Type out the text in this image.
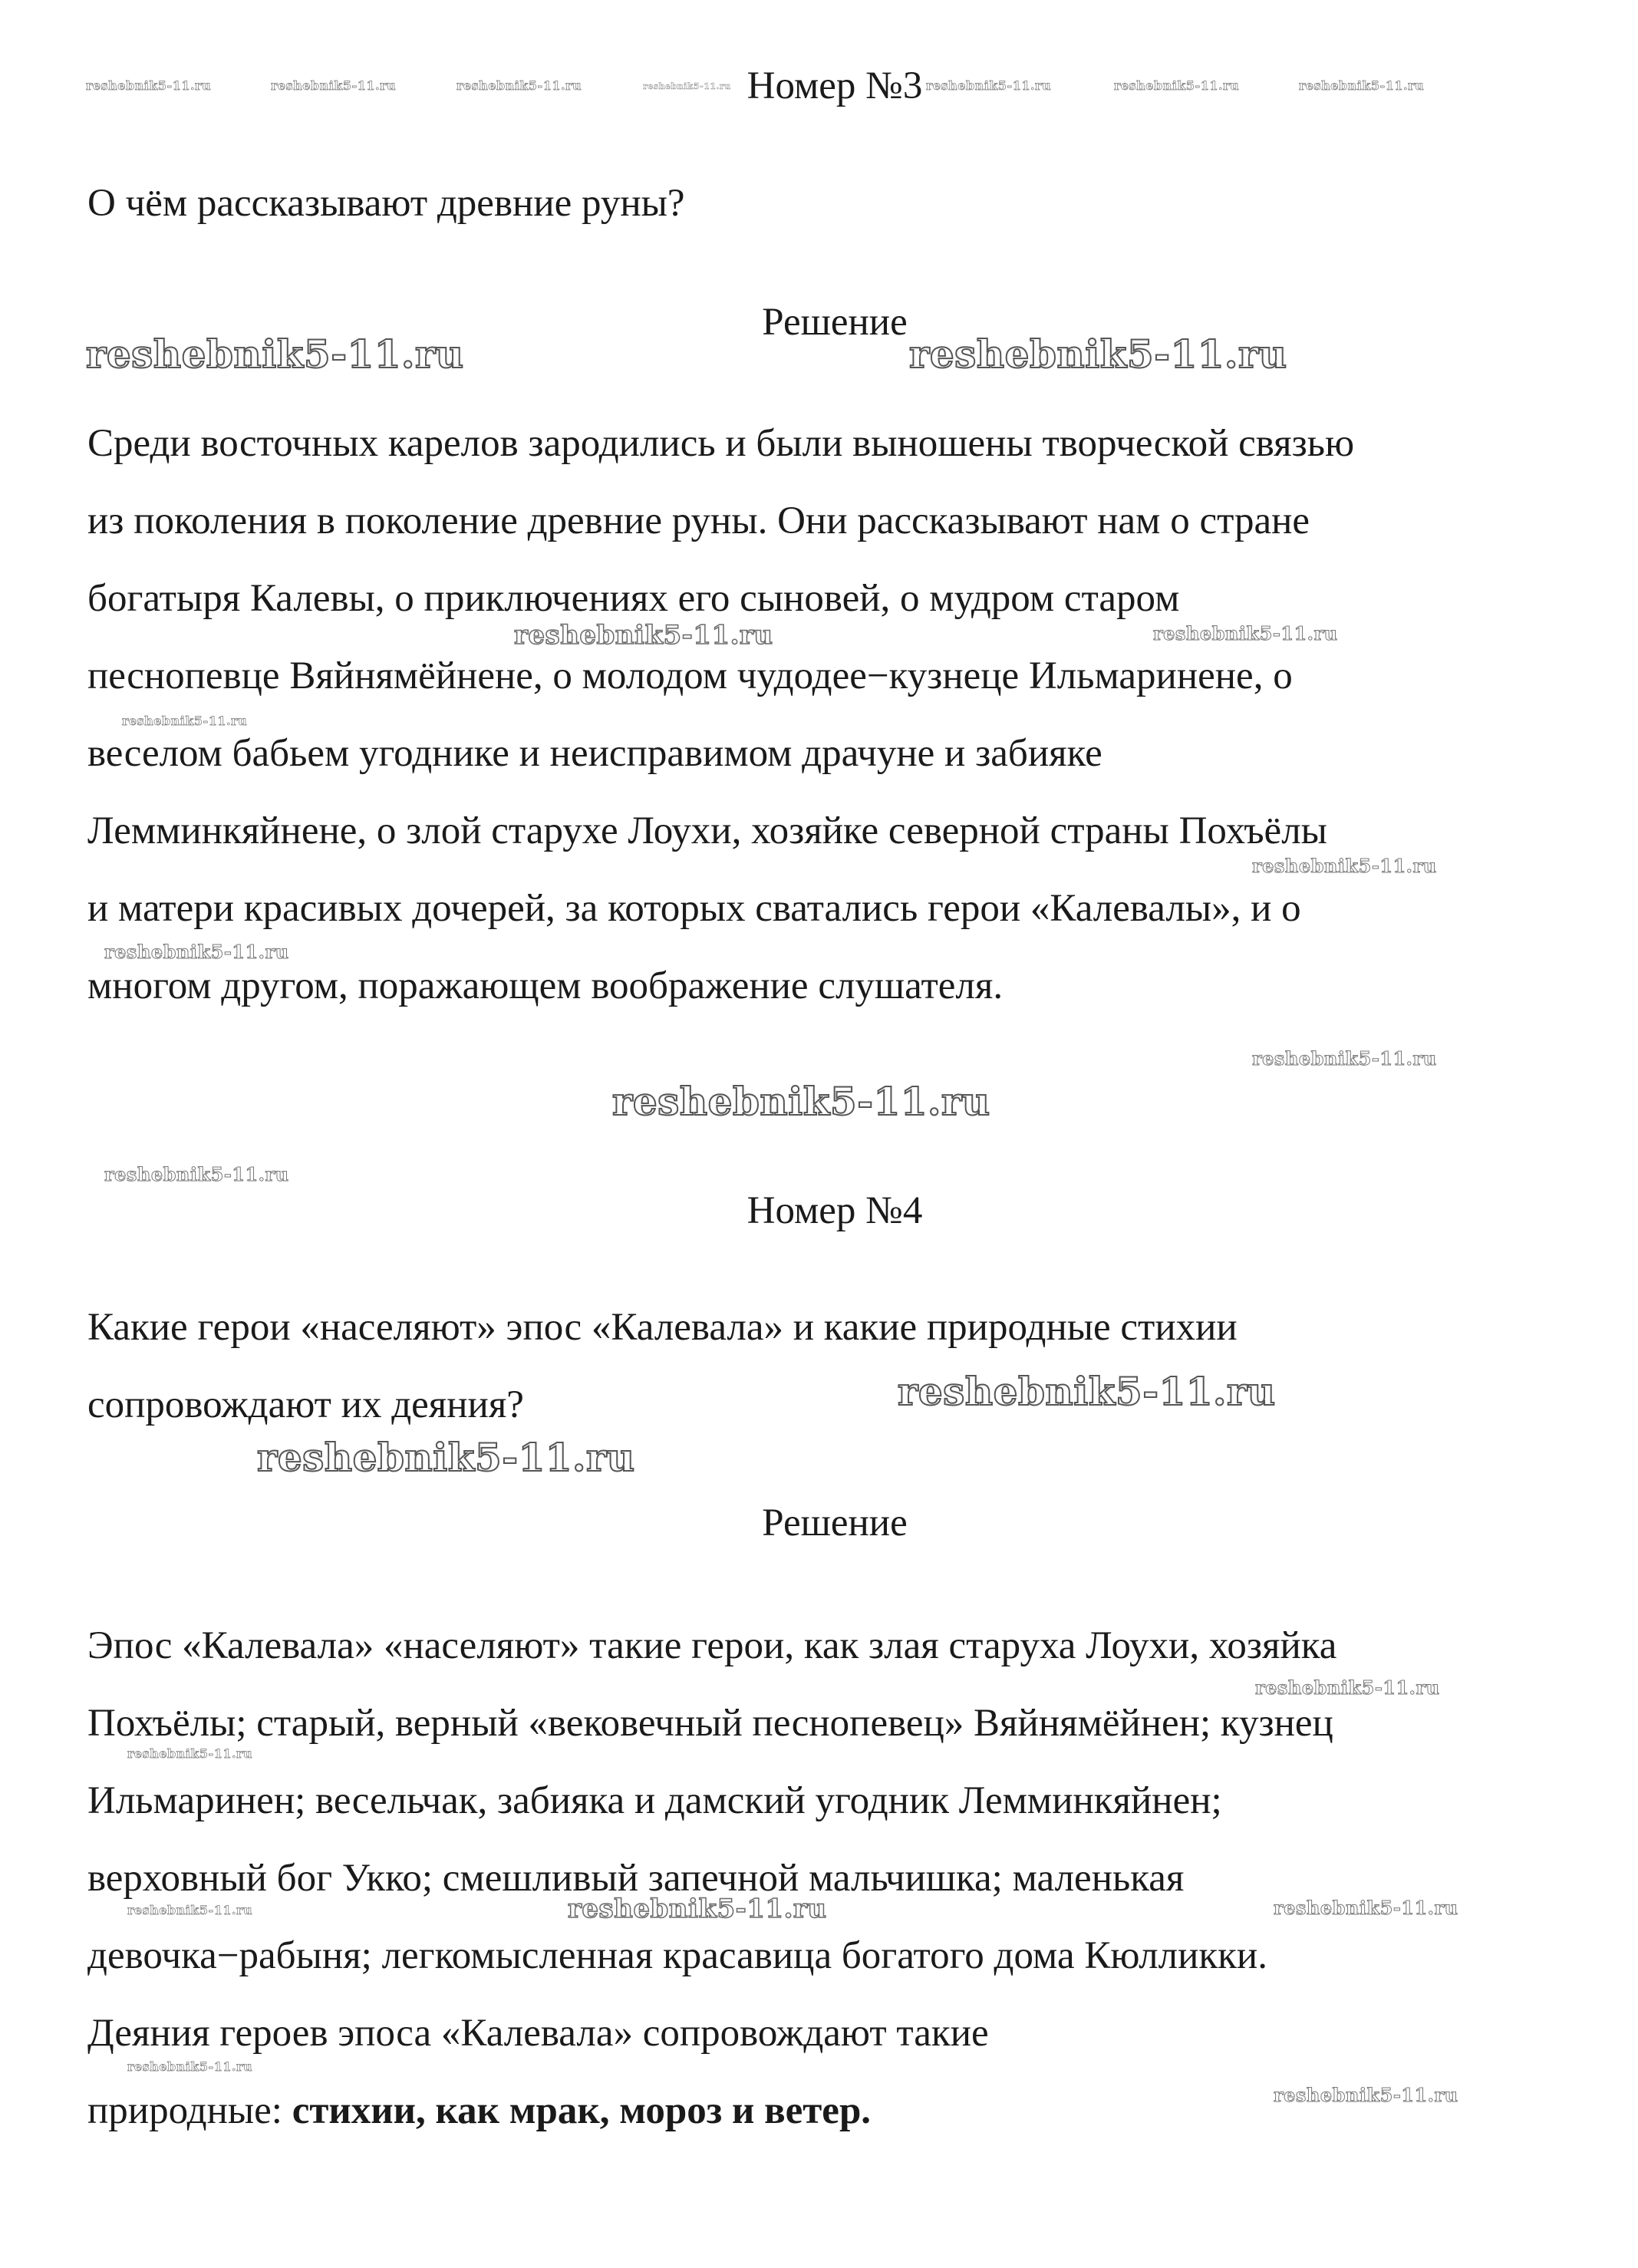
reshebnik5-11.ru	reshebnik5-11.ru	reshebnik5-11.ru	reshebnik5-11.ru	reshebnik5-11.ru	reshebnik5-11.ru	reshebnik5-11.ru
reshebnik5-11.ru	reshebnik5-11.ru
reshebnik5-11.ru	reshebnik5-11.ru
reshebnik5-11.ru
reshebnik5-11.ru
reshebnik5-11.ru
reshebnik5-11.ru
reshebnik5-11.ru
reshebnik5-11.ru
reshebnik5-11.ru
reshebnik5-11.ru
reshebnik5-11.ru
reshebnik5-11.ru
reshebnik5-11.ru	reshebnik5-11.ru	reshebnik5-11.ru
reshebnik5-11.ru
reshebnik5-11.ru
Номер №3
О чём рассказывают древние руны?
Решение
Среди восточных карелов зародились и были выношены творческой связью
из поколения в поколение древние руны. Они рассказывают нам о стране
богатыря Калевы, о приключениях его сыновей, о мудром старом
песнопевце Вяйнямёйнене, о молодом чудодее−кузнеце Ильмаринене, о
веселом бабьем угоднике и неисправимом драчуне и забияке
Лемминкяйнене, о злой старухе Лоухи, хозяйке северной страны Похъёлы
и матери красивых дочерей, за которых сватались герои «Калевалы», и о
многом другом, поражающем воображение слушателя.
Номер №4
Какие герои «населяют» эпос «Калевала» и какие природные стихии
сопровождают их деяния?
Решение
Эпос «Калевала» «населяют» такие герои, как злая старуха Лоухи, хозяйка
Похъёлы; старый, верный «вековечный песнопевец» Вяйнямёйнен; кузнец
Ильмаринен; весельчак, забияка и дамский угодник Лемминкяйнен;
верховный бог Укко; смешливый запечной мальчишка; маленькая
девочка−рабыня; легкомысленная красавица богатого дома Кюлликки.
Деяния героев эпоса «Калевала» сопровождают такие
природные: стихии, как мрак, мороз и ветер.
